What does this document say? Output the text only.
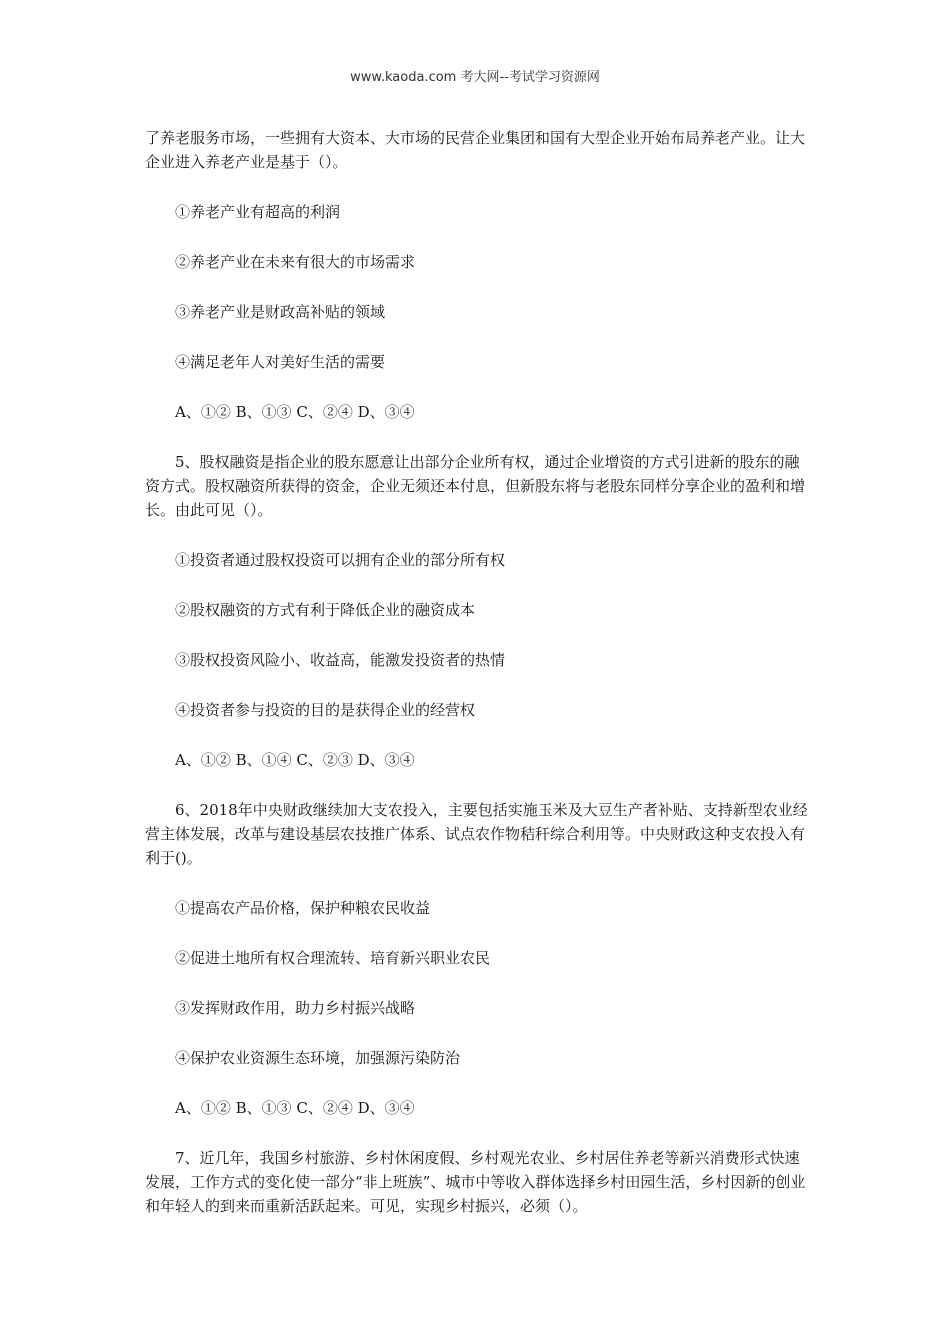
www.kaoda.com 考大网--考试学习资源网

了养老服务市场，一些拥有大资本、大市场的民营企业集团和国有大型企业开始布局养老产业。让大企业进入养老产业是基于（）。

①养老产业有超高的利润

②养老产业在未来有很大的市场需求

③养老产业是财政高补贴的领域

④满足老年人对美好生活的需要

A、①② B、①③ C、②④ D、③④

5、股权融资是指企业的股东愿意让出部分企业所有权，通过企业增资的方式引进新的股东的融资方式。股权融资所获得的资金，企业无须还本付息，但新股东将与老股东同样分享企业的盈利和增长。由此可见（）。

①投资者通过股权投资可以拥有企业的部分所有权

②股权融资的方式有利于降低企业的融资成本

③股权投资风险小、收益高，能激发投资者的热情

④投资者参与投资的目的是获得企业的经营权

A、①② B、①④ C、②③ D、③④

6、2018年中央财政继续加大支农投入，主要包括实施玉米及大豆生产者补贴、支持新型农业经营主体发展，改革与建设基层农技推广体系、试点农作物秸秆综合利用等。中央财政这种支农投入有利于()。

①提高农产品价格，保护种粮农民收益

②促进土地所有权合理流转、培育新兴职业农民

③发挥财政作用，助力乡村振兴战略

④保护农业资源生态环境，加强源污染防治

A、①② B、①③ C、②④ D、③④

7、近几年，我国乡村旅游、乡村休闲度假、乡村观光农业、乡村居住养老等新兴消费形式快速发展，工作方式的变化使一部分“非上班族”、城市中等收入群体选择乡村田园生活，乡村因新的创业和年轻人的到来而重新活跃起来。可见，实现乡村振兴，必须（）。
